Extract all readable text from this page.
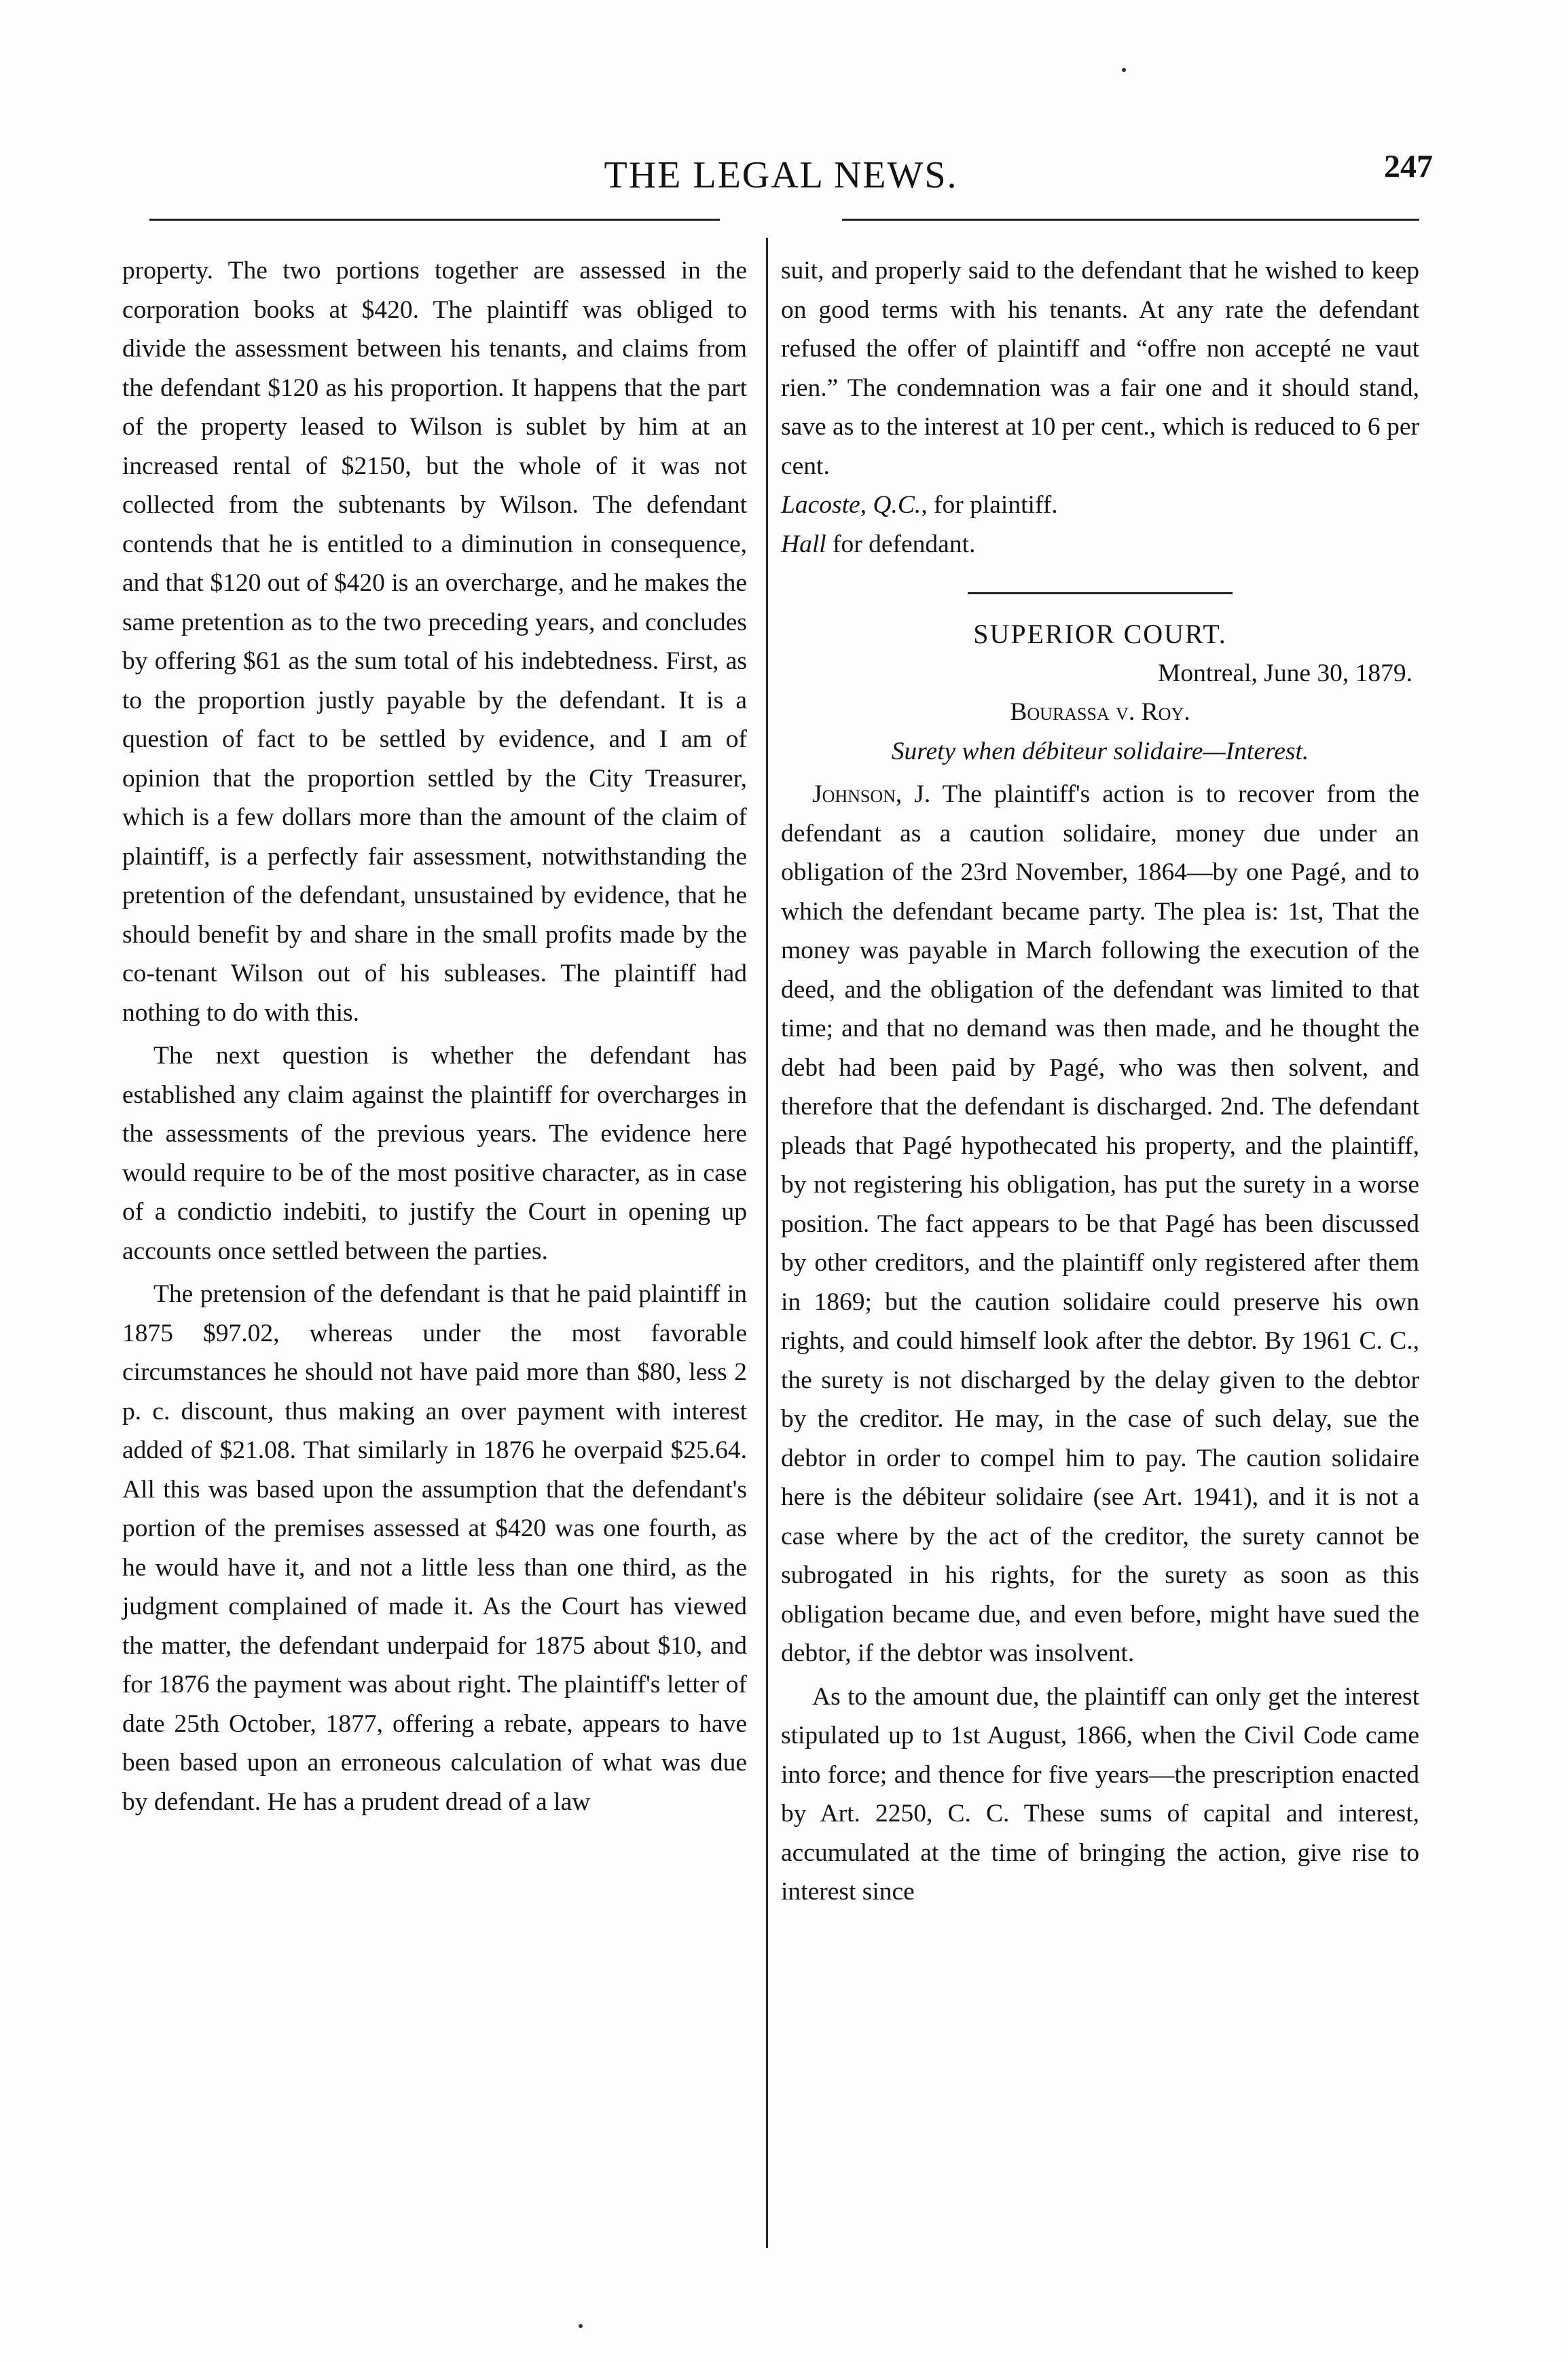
THE LEGAL NEWS.	247

property. The two portions together are assessed in the corporation books at $420. The plaintiff was obliged to divide the assessment between his tenants, and claims from the defendant $120 as his proportion. It happens that the part of the property leased to Wilson is sublet by him at an increased rental of $2150, but the whole of it was not collected from the subtenants by Wilson. The defendant contends that he is entitled to a diminution in consequence, and that $120 out of $420 is an overcharge, and he makes the same pretention as to the two preceding years, and concludes by offering $61 as the sum total of his indebtedness. First, as to the proportion justly payable by the defendant. It is a question of fact to be settled by evidence, and I am of opinion that the proportion settled by the City Treasurer, which is a few dollars more than the amount of the claim of plaintiff, is a perfectly fair assessment, notwithstanding the pretention of the defendant, unsustained by evidence, that he should benefit by and share in the small profits made by the co-tenant Wilson out of his subleases. The plaintiff had nothing to do with this.

The next question is whether the defendant has established any claim against the plaintiff for overcharges in the assessments of the previous years. The evidence here would require to be of the most positive character, as in case of a condictio indebiti, to justify the Court in opening up accounts once settled between the parties.

The pretension of the defendant is that he paid plaintiff in 1875 $97.02, whereas under the most favorable circumstances he should not have paid more than $80, less 2 p. c. discount, thus making an over payment with interest added of $21.08. That similarly in 1876 he overpaid $25.64. All this was based upon the assumption that the defendant's portion of the premises assessed at $420 was one fourth, as he would have it, and not a little less than one third, as the judgment complained of made it. As the Court has viewed the matter, the defendant underpaid for 1875 about $10, and for 1876 the payment was about right. The plaintiff's letter of date 25th October, 1877, offering a rebate, appears to have been based upon an erroneous calculation of what was due by defendant. He has a prudent dread of a law

suit, and properly said to the defendant that he wished to keep on good terms with his tenants. At any rate the defendant refused the offer of plaintiff and “offre non accepté ne vaut rien.” The condemnation was a fair one and it should stand, save as to the interest at 10 per cent., which is reduced to 6 per cent.

Lacoste, Q.C., for plaintiff.

Hall for defendant.

SUPERIOR COURT.

Montreal, June 30, 1879.

Bourassa v. Roy.

Surety when débiteur solidaire—Interest.

Johnson, J. The plaintiff's action is to recover from the defendant as a caution solidaire, money due under an obligation of the 23rd November, 1864—by one Pagé, and to which the defendant became party. The plea is: 1st, That the money was payable in March following the execution of the deed, and the obligation of the defendant was limited to that time; and that no demand was then made, and he thought the debt had been paid by Pagé, who was then solvent, and therefore that the defendant is discharged. 2nd. The defendant pleads that Pagé hypothecated his property, and the plaintiff, by not registering his obligation, has put the surety in a worse position. The fact appears to be that Pagé has been discussed by other creditors, and the plaintiff only registered after them in 1869; but the caution solidaire could preserve his own rights, and could himself look after the debtor. By 1961 C. C., the surety is not discharged by the delay given to the debtor by the creditor. He may, in the case of such delay, sue the debtor in order to compel him to pay. The caution solidaire here is the débiteur solidaire (see Art. 1941), and it is not a case where by the act of the creditor, the surety cannot be subrogated in his rights, for the surety as soon as this obligation became due, and even before, might have sued the debtor, if the debtor was insolvent.

As to the amount due, the plaintiff can only get the interest stipulated up to 1st August, 1866, when the Civil Code came into force; and thence for five years—the prescription enacted by Art. 2250, C. C. These sums of capital and interest, accumulated at the time of bringing the action, give rise to interest since
